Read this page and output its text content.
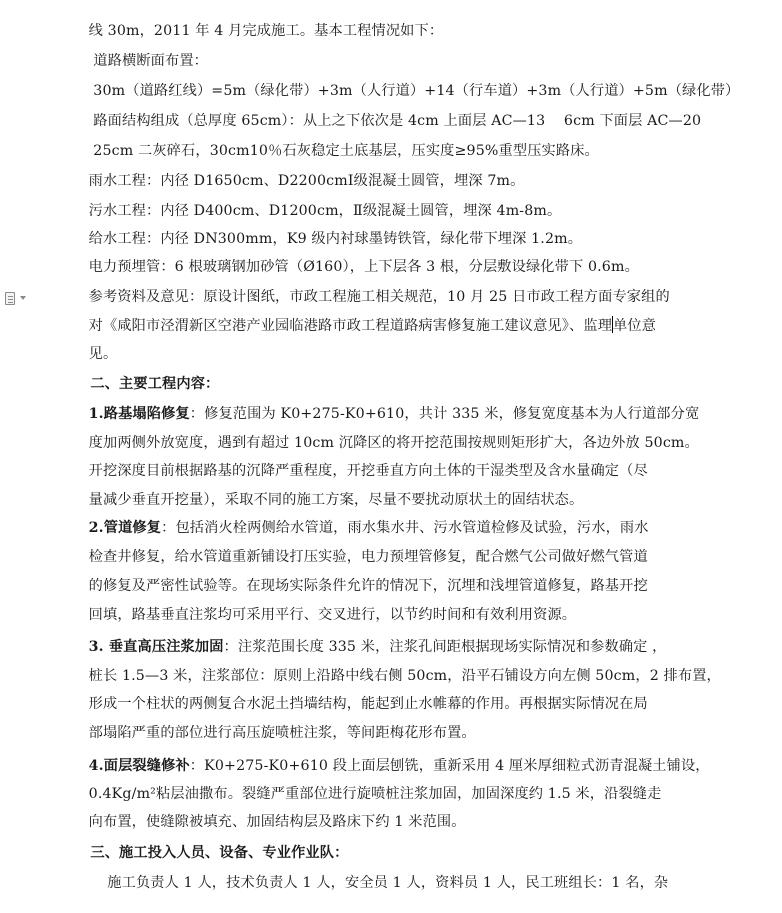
线 30m，2011 年 4 月完成施工。基本工程情况如下：

道路横断面布置：

30m（道路红线）=5m（绿化带）+3m（人行道）+14（行车道）+3m（人行道）+5m（绿化带）

路面结构组成（总厚度 65cm）：从上之下依次是 4cm 上面层 AC—13    6cm 下面层 AC—20

25cm 二灰碎石，30cm10％石灰稳定土底基层，压实度≥95%重型压实路床。

雨水工程：内径 D1650cm、D2200cmⅠ级混凝土圆管，埋深 7m。

污水工程：内径 D400cm、D1200cm，Ⅱ级混凝土圆管，埋深 4m-8m。

给水工程：内径 DN300mm，K9 级内衬球墨铸铁管，绿化带下埋深 1.2m。

电力预埋管：6 根玻璃钢加砂管（Ø160），上下层各 3 根，分层敷设绿化带下 0.6m。

参考资料及意见：原设计图纸，市政工程施工相关规范，10 月 25 日市政工程方面专家组的

对《咸阳市泾渭新区空港产业园临港路市政工程道路病害修复施工建议意见》、监理单位意

见。

二、主要工程内容：

1.路基塌陷修复：修复范围为 K0+275-K0+610，共计 335 米，修复宽度基本为人行道部分宽

度加两侧外放宽度，遇到有超过 10cm 沉降区的将开挖范围按规则矩形扩大，各边外放 50cm。

开挖深度目前根据路基的沉降严重程度，开挖垂直方向土体的干湿类型及含水量确定（尽

量减少垂直开挖量），采取不同的施工方案，尽量不要扰动原状土的固结状态。

2.管道修复：包括消火栓两侧给水管道，雨水集水井、污水管道检修及试验，污水，雨水

检查井修复，给水管道重新铺设打压实验，电力预埋管修复，配合燃气公司做好燃气管道

的修复及严密性试验等。在现场实际条件允许的情况下，沉埋和浅埋管道修复，路基开挖

回填，路基垂直注浆均可采用平行、交叉进行，以节约时间和有效利用资源。

3. 垂直高压注浆加固：注浆范围长度 335 米，注浆孔间距根据现场实际情况和参数确定 ，

桩长 1.5—3 米，注浆部位：原则上沿路中线右侧 50cm，沿平石铺设方向左侧 50cm，2 排布置，

形成一个柱状的两侧复合水泥土挡墙结构，能起到止水帷幕的作用。再根据实际情况在局

部塌陷严重的部位进行高压旋喷桩注浆，等间距梅花形布置。

4.面层裂缝修补：K0+275-K0+610 段上面层刨铣，重新采用 4 厘米厚细粒式沥青混凝土铺设，

0.4Kg/m²粘层油撒布。裂缝严重部位进行旋喷桩注浆加固，加固深度约 1.5 米，沿裂缝走

向布置，使缝隙被填充、加固结构层及路床下约 1 米范围。

三、施工投入人员、设备、专业作业队：

施工负责人 1 人，技术负责人 1 人，安全员 1 人，资料员 1 人，民工班组长：1 名，杂
